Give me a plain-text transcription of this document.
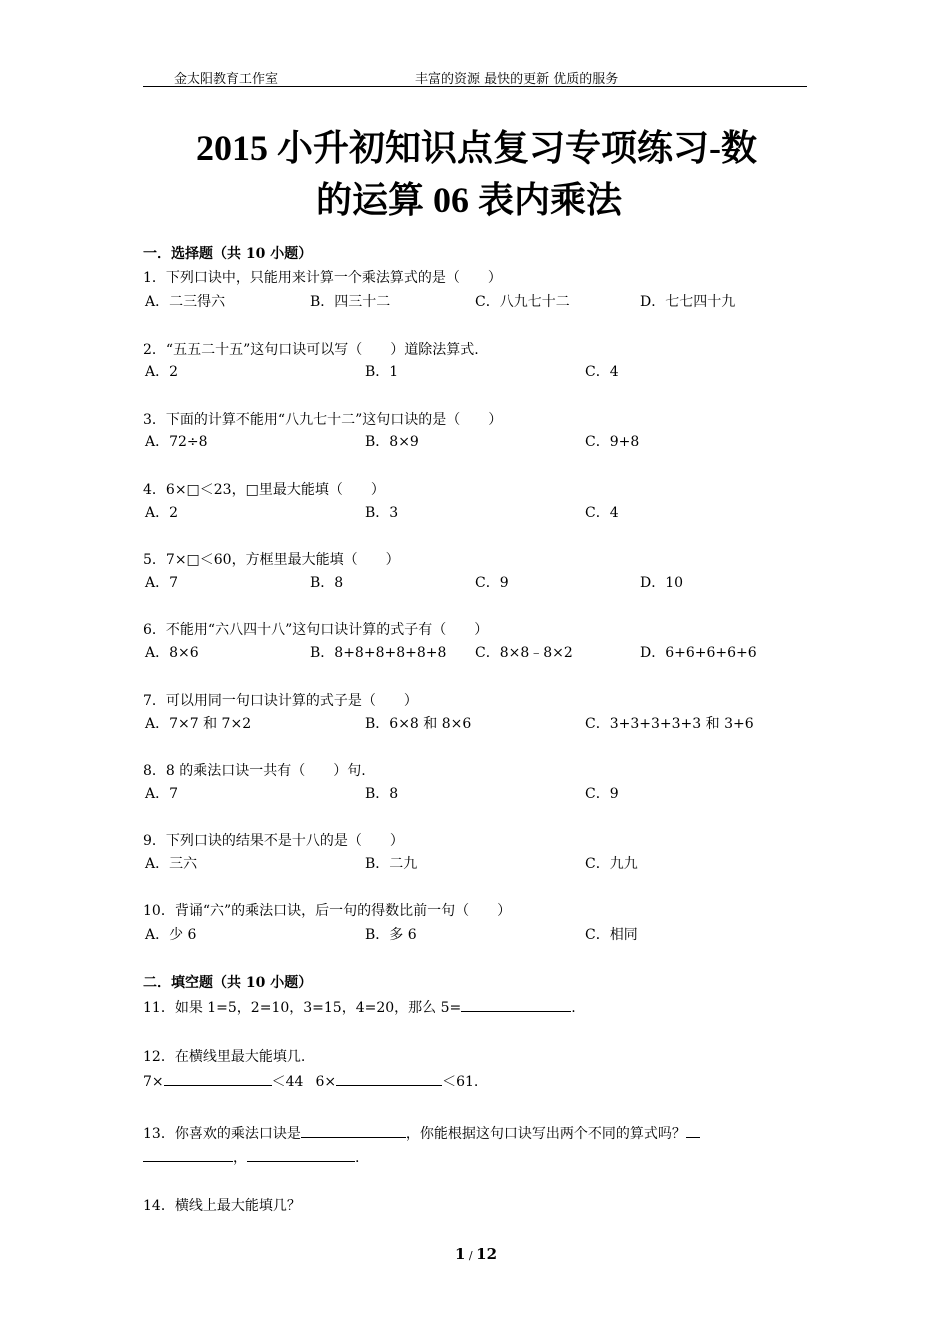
金太阳教育工作室	丰富的资源 最快的更新 优质的服务
2015 小升初知识点复习专项练习-数
的运算 06 表内乘法
一．选择题（共 10 小题）
1．下列口诀中，只能用来计算一个乘法算式的是（　　）
A．二三得六	B．四三十二	C．八九七十二	D．七七四十九
2．“五五二十五”这句口诀可以写（　　）道除法算式.
A．2	B．1	C．4
3．下面的计算不能用“八九七十二”这句口诀的是（　　）
A．72÷8	B．8×9	C．9+8
4．6×□＜23，□里最大能填（　　）
A．2	B．3	C．4
5．7×□＜60，方框里最大能填（　　）
A．7	B．8	C．9	D．10
6．不能用“六八四十八”这句口诀计算的式子有（　　）
A．8×6	B．8+8+8+8+8+8 C．8×8﹣8×2	D．6+6+6+6+6
7．可以用同一句口诀计算的式子是（　　）
A．7×7 和 7×2	B．6×8 和 8×6	C．3+3+3+3+3 和 3+6
8．8 的乘法口诀一共有（　　）句.
A．7	B．8	C．9
9．下列口诀的结果不是十八的是（　　）
A．三六	B．二九	C．九九
10．背诵“六”的乘法口诀，后一句的得数比前一句（　　）
A．少 6	B．多 6	C．相同
二．填空题（共 10 小题）
11．如果 1=5，2=10，3=15，4=20，那么 5=	.
12．在横线里最大能填几.
7×	＜44 6×	＜61.
13．你喜欢的乘法口诀是	，你能根据这句口诀写出两个不同的算式吗？
，	.
14．横线上最大能填几？
1 / 12
